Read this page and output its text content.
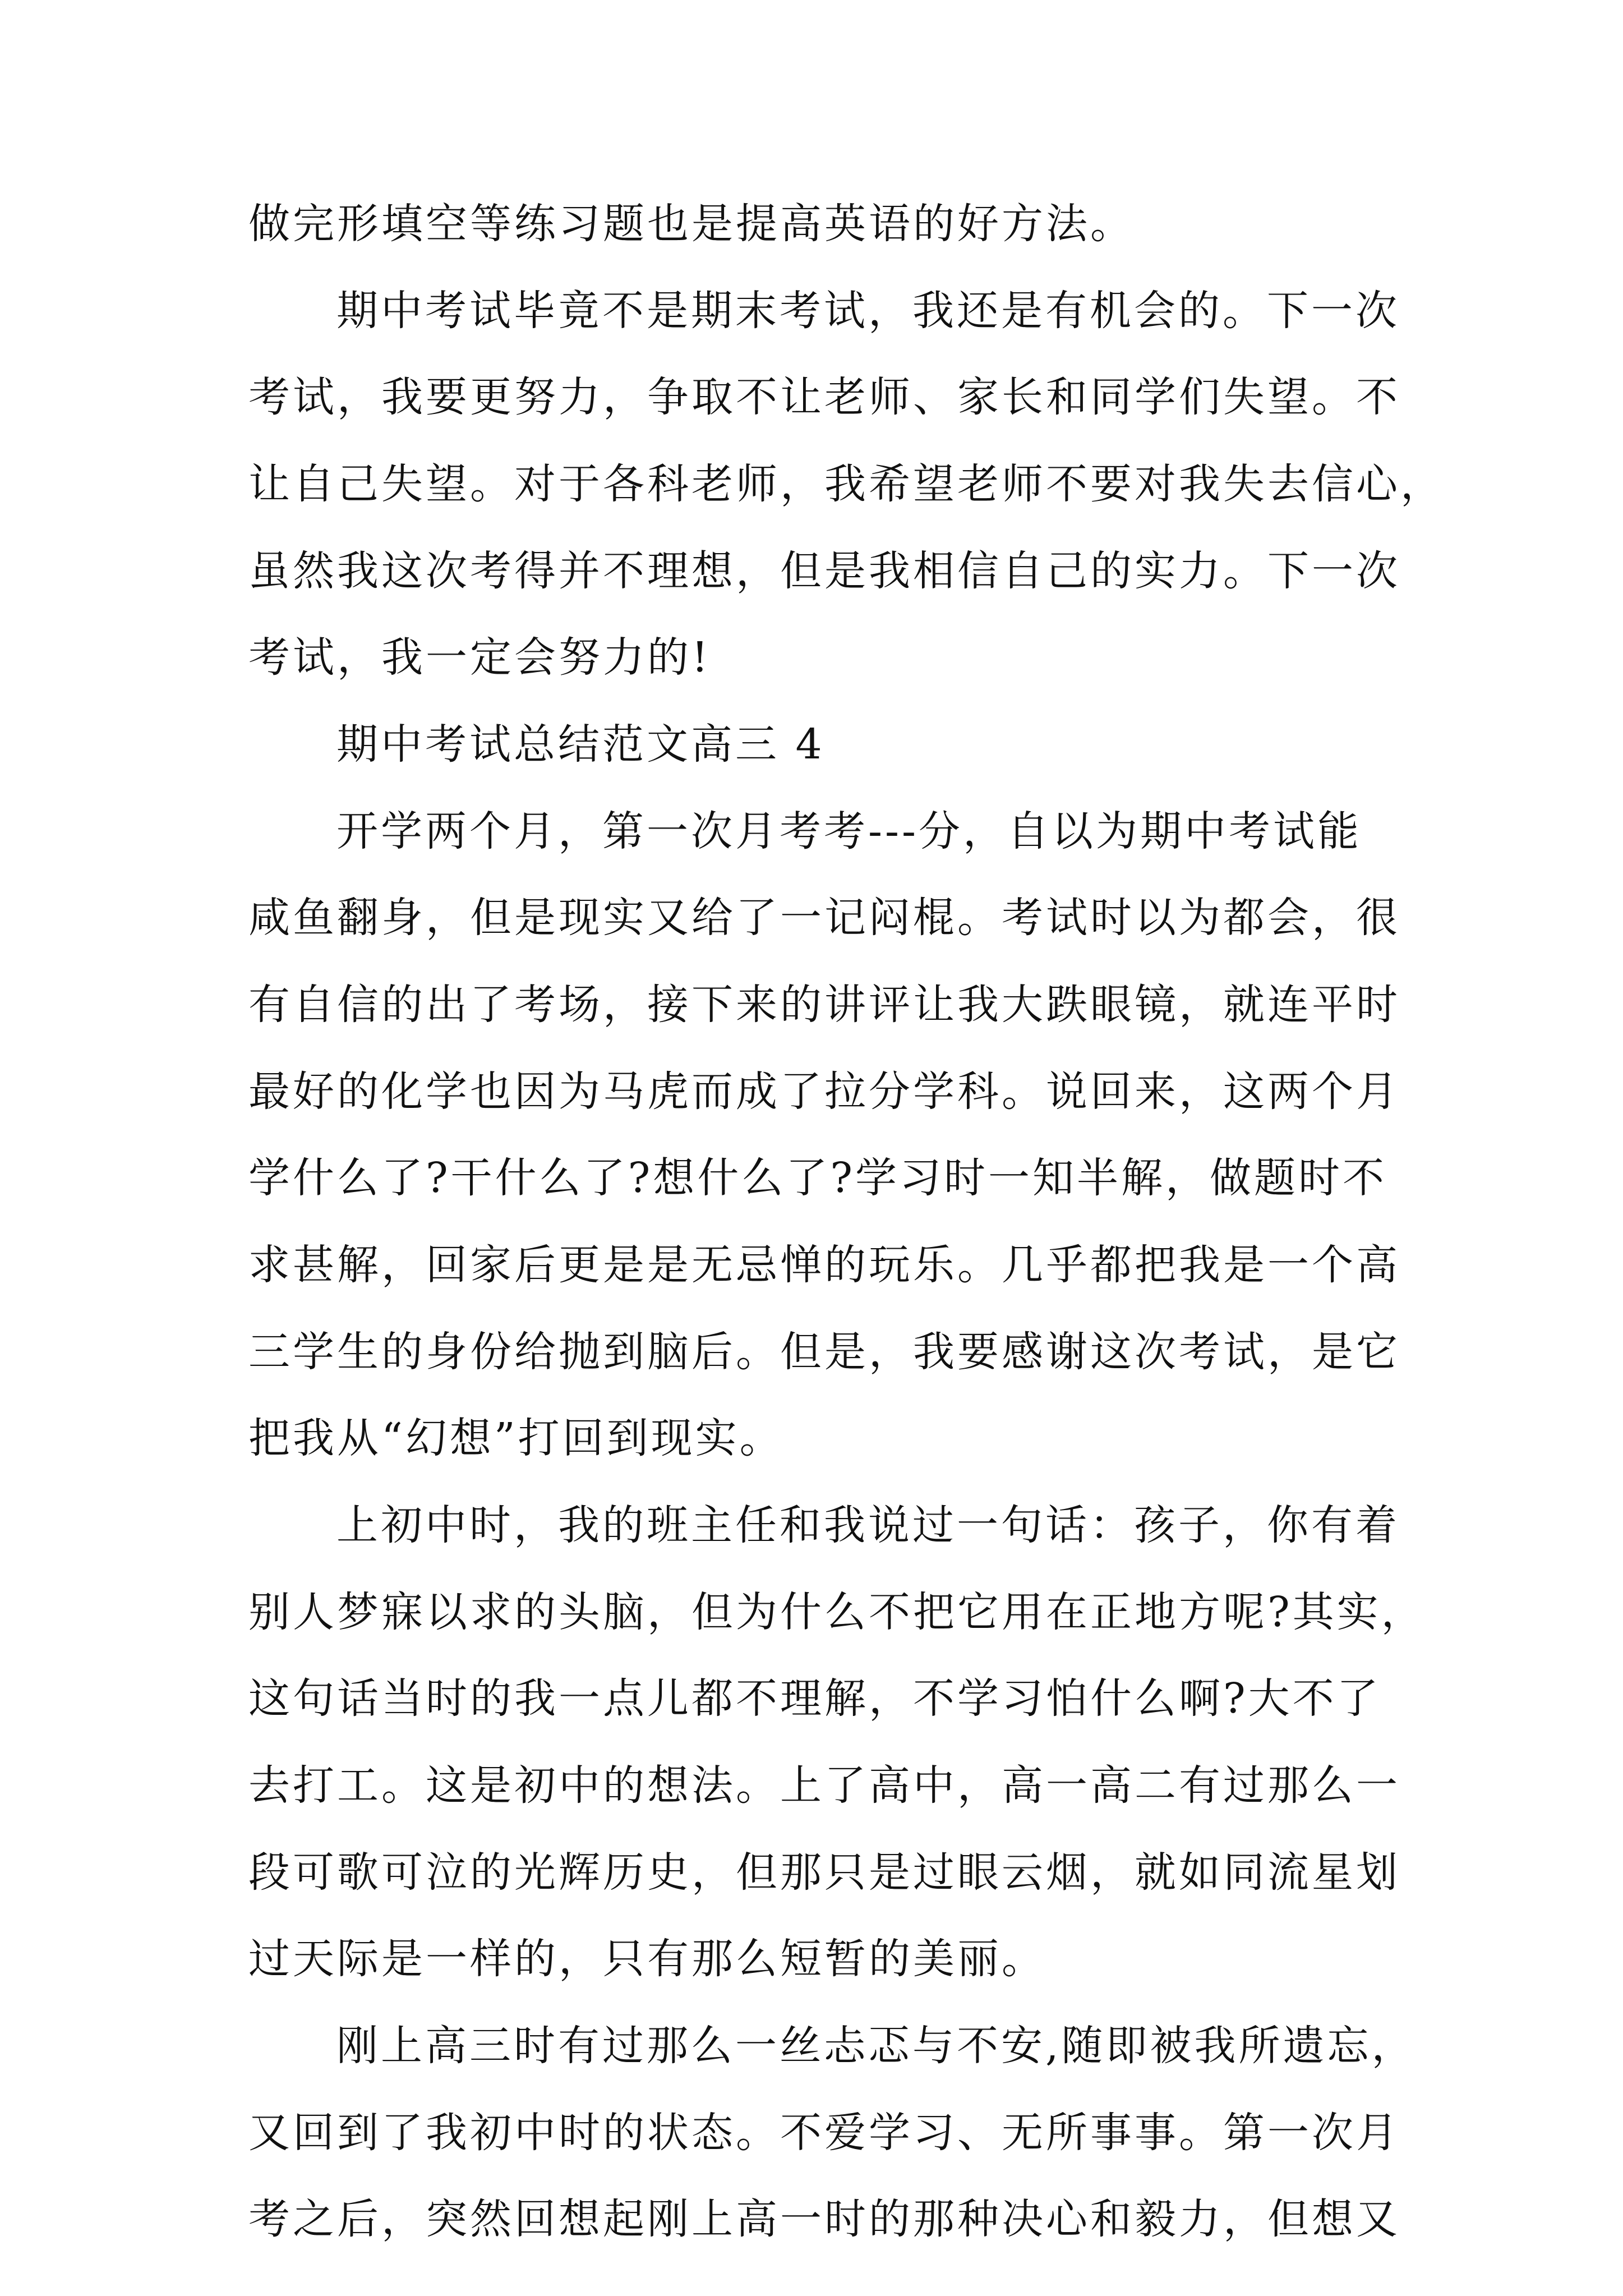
做完形填空等练习题也是提高英语的好方法。
期中考试毕竟不是期末考试，我还是有机会的。下一次
考试，我要更努力，争取不让老师、家长和同学们失望。不
让自己失望。对于各科老师，我希望老师不要对我失去信心，
虽然我这次考得并不理想，但是我相信自己的实力。下一次
考试，我一定会努力的!
期中考试总结范文高三 4
开学两个月，第一次月考考---分，自以为期中考试能
咸鱼翻身，但是现实又给了一记闷棍。考试时以为都会，很
有自信的出了考场，接下来的讲评让我大跌眼镜，就连平时
最好的化学也因为马虎而成了拉分学科。说回来，这两个月
学什么了?干什么了?想什么了?学习时一知半解，做题时不
求甚解，回家后更是是无忌惮的玩乐。几乎都把我是一个高
三学生的身份给抛到脑后。但是，我要感谢这次考试，是它
把我从“幻想”打回到现实。
上初中时，我的班主任和我说过一句话：孩子，你有着
别人梦寐以求的头脑，但为什么不把它用在正地方呢?其实，
这句话当时的我一点儿都不理解，不学习怕什么啊?大不了
去打工。这是初中的想法。上了高中，高一高二有过那么一
段可歌可泣的光辉历史，但那只是过眼云烟，就如同流星划
过天际是一样的，只有那么短暂的美丽。
刚上高三时有过那么一丝忐忑与不安,随即被我所遗忘，
又回到了我初中时的状态。不爱学习、无所事事。第一次月
考之后，突然回想起刚上高一时的那种决心和毅力，但想又
